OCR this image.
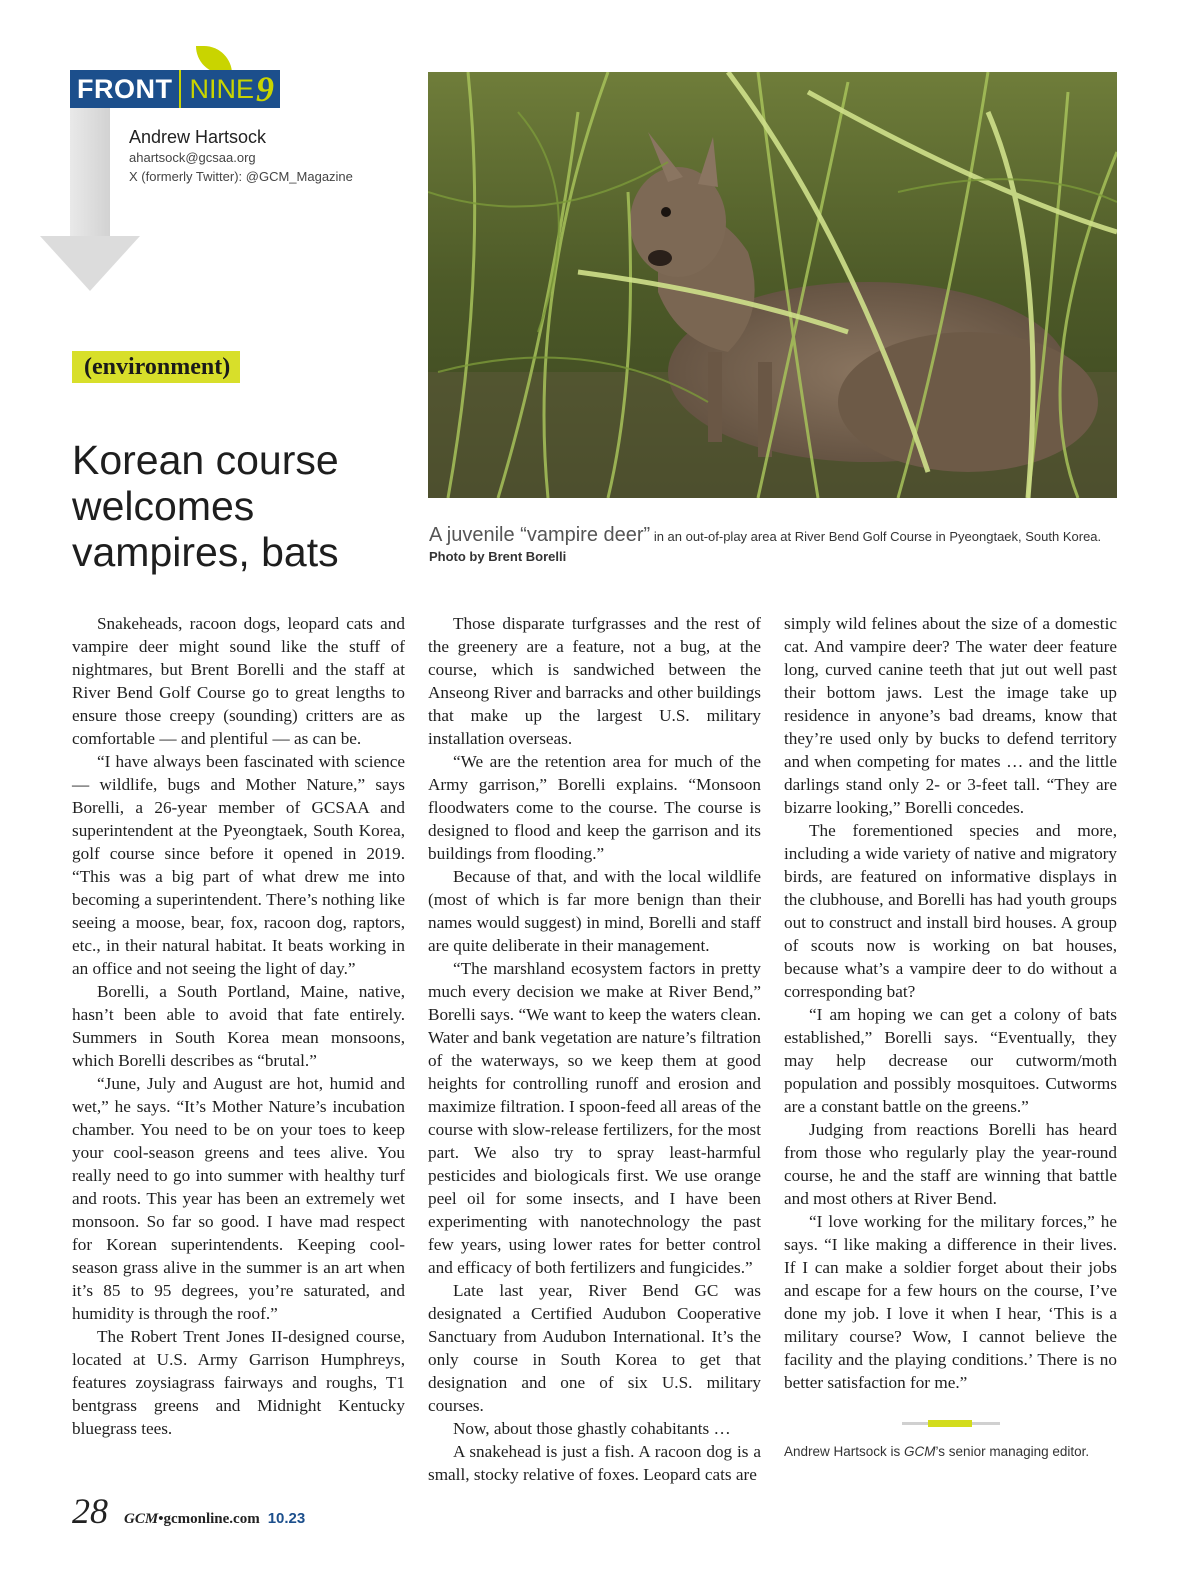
FRONT NINE 9
Andrew Hartsock
ahartsock@gcsaa.org
X (formerly Twitter): @GCM_Magazine
(environment)
Korean course welcomes vampires, bats	A juvenile “vampire deer” in an out-of-play area at River Bend Golf Course in Pyeongtaek, South Korea.
Photo by Brent Borelli

Snakeheads, racoon dogs, leopard cats and vampire deer might sound like the stuff of nightmares, but Brent Borelli and the staff at River Bend Golf Course go to great lengths to ensure those creepy (sounding) critters are as comfortable — and plentiful — as can be.

“I have always been fascinated with science — wildlife, bugs and Mother Nature,” says Borelli, a 26-year member of GCSAA and superintendent at the Pyeongtaek, South Korea, golf course since before it opened in 2019. “This was a big part of what drew me into becoming a superintendent. There’s nothing like seeing a moose, bear, fox, racoon dog, raptors, etc., in their natural habitat. It beats working in an office and not seeing the light of day.”

Borelli, a South Portland, Maine, native, hasn’t been able to avoid that fate entirely. Summers in South Korea mean monsoons, which Borelli describes as “brutal.”

“June, July and August are hot, humid and wet,” he says. “It’s Mother Nature’s incubation chamber. You need to be on your toes to keep your cool-season greens and tees alive. You really need to go into summer with healthy turf and roots. This year has been an extremely wet monsoon. So far so good. I have mad respect for Korean superintendents. Keeping cool-season grass alive in the summer is an art when it’s 85 to 95 degrees, you’re saturated, and humidity is through the roof.”

The Robert Trent Jones II-designed course, located at U.S. Army Garrison Humphreys, features zoysiagrass fairways and roughs, T1 bentgrass greens and Midnight Kentucky bluegrass tees.

Those disparate turfgrasses and the rest of the greenery are a feature, not a bug, at the course, which is sandwiched between the Anseong River and barracks and other buildings that make up the largest U.S. military installation overseas.

“We are the retention area for much of the Army garrison,” Borelli explains. “Monsoon floodwaters come to the course. The course is designed to flood and keep the garrison and its buildings from flooding.”

Because of that, and with the local wildlife (most of which is far more benign than their names would suggest) in mind, Borelli and staff are quite deliberate in their management.

“The marshland ecosystem factors in pretty much every decision we make at River Bend,” Borelli says. “We want to keep the waters clean. Water and bank vegetation are nature’s filtration of the waterways, so we keep them at good heights for controlling runoff and erosion and maximize filtration. I spoon-feed all areas of the course with slow-release fertilizers, for the most part. We also try to spray least-harmful pesticides and biologicals first. We use orange peel oil for some insects, and I have been experimenting with nanotechnology the past few years, using lower rates for better control and efficacy of both fertilizers and fungicides.”

Late last year, River Bend GC was designated a Certified Audubon Cooperative Sanctuary from Audubon International. It’s the only course in South Korea to get that designation and one of six U.S. military courses.

Now, about those ghastly cohabitants …

A snakehead is just a fish. A racoon dog is a small, stocky relative of foxes. Leopard cats are

simply wild felines about the size of a domestic cat. And vampire deer? The water deer feature long, curved canine teeth that jut out well past their bottom jaws. Lest the image take up residence in anyone’s bad dreams, know that they’re used only by bucks to defend territory and when competing for mates … and the little darlings stand only 2- or 3-feet tall. “They are bizarre looking,” Borelli concedes.

The forementioned species and more, including a wide variety of native and migratory birds, are featured on informative displays in the clubhouse, and Borelli has had youth groups out to construct and install bird houses. A group of scouts now is working on bat houses, because what’s a vampire deer to do without a corresponding bat?

“I am hoping we can get a colony of bats established,” Borelli says. “Eventually, they may help decrease our cutworm/moth population and possibly mosquitoes. Cutworms are a constant battle on the greens.”

Judging from reactions Borelli has heard from those who regularly play the year-round course, he and the staff are winning that battle and most others at River Bend.

“I love working for the military forces,” he says. “I like making a difference in their lives. If I can make a soldier forget about their jobs and escape for a few hours on the course, I’ve done my job. I love it when I hear, ‘This is a military course? Wow, I cannot believe the facility and the playing conditions.’ There is no better satisfaction for me.”

Andrew Hartsock is GCM’s senior managing editor.
28 GCM • gcmonline.com 10.23
